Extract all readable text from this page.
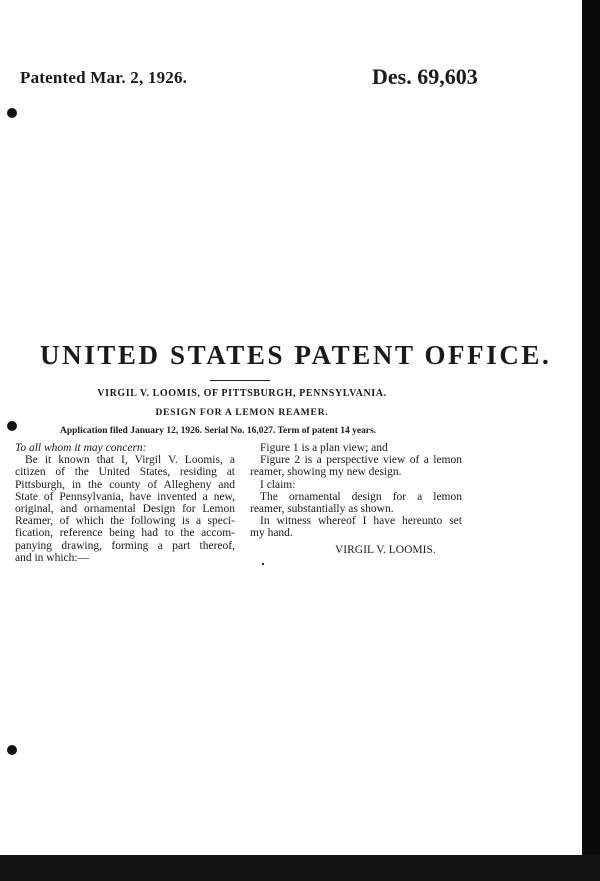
Patented Mar. 2, 1926.	Des. 69,603
UNITED STATES PATENT OFFICE.
VIRGIL V. LOOMIS, OF PITTSBURGH, PENNSYLVANIA.
DESIGN FOR A LEMON REAMER.
Application filed January 12, 1926. Serial No. 16,027. Term of patent 14 years.
To all whom it may concern:
Be it known that I, Virgil V. Loomis, a
citizen of the United States, residing at
Pittsburgh, in the county of Allegheny and
State of Pennsylvania, have invented a new,
original, and ornamental Design for Lemon
Reamer, of which the following is a speci-
fication, reference being had to the accom-
panying drawing, forming a part thereof,
and in which:—
Figure 1 is a plan view; and
Figure 2 is a perspective view of a lemon
reamer, showing my new design.
I claim:
The ornamental design for a lemon
reamer, substantially as shown.
In witness whereof I have hereunto set
my hand.
VIRGIL V. LOOMIS.
